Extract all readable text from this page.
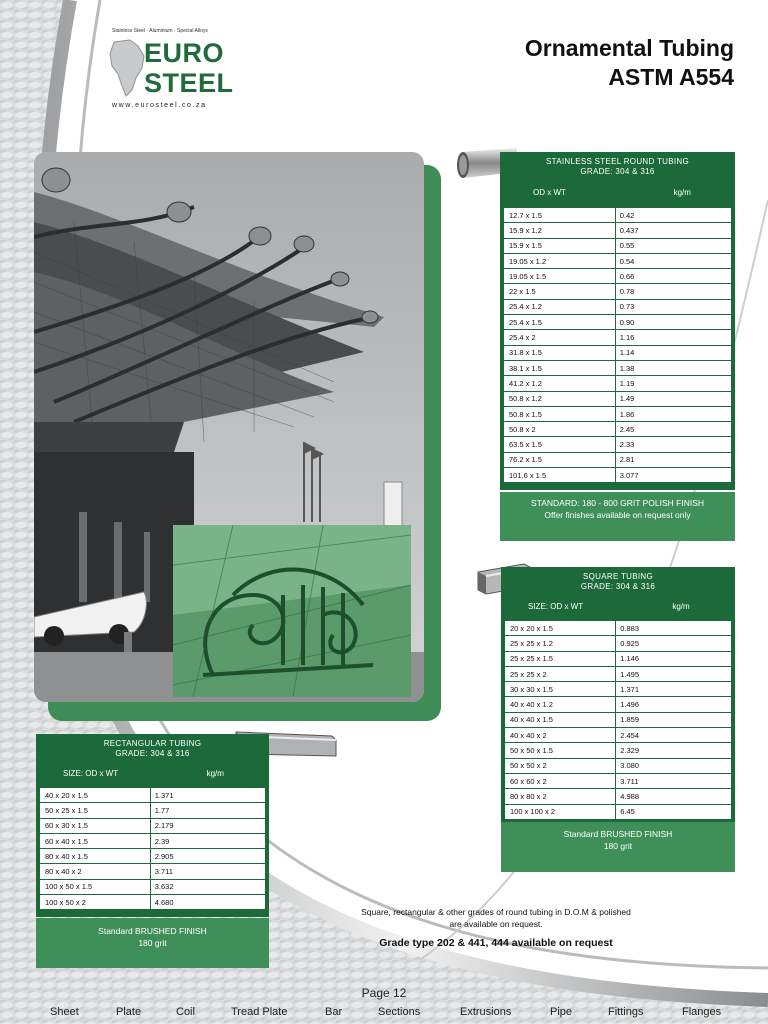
Stainless Steel · Aluminium · Special Alloys
EURO
STEEL
www.eurosteel.co.za
Ornamental Tubing
ASTM A554
STAINLESS STEEL ROUND TUBING
GRADE: 304 & 316
OD x WT	kg/m
12.7 x 1.5	0.42
15.9 x 1.2	0.437
15.9 x 1.5	0.55
19.05 x 1.2	0.54
19.05 x 1.5	0.66
22 x 1.5	0.78
25.4 x 1.2	0.73
25.4 x 1.5	0.90
25.4 x 2	1.16
31.8 x 1.5	1.14
38.1 x 1.5	1.38
41.2 x 1.2	1.19
50.8 x 1.2	1.49
50.8 x 1.5	1.86
50.8 x 2	2.45
63.5 x 1.5	2.33
76.2 x 1.5	2.81
101.6 x 1.5	3.077
STANDARD: 180 - 800 GRIT POLISH FINISH
Offer finishes available on request only
SQUARE TUBING
GRADE: 304 & 316
SIZE: OD x WT	kg/m
20 x 20 x 1.5	0.883
25 x 25 x 1.2	0.925
25 x 25 x 1.5	1.146
25 x 25 x 2	1.495
30 x 30 x 1.5	1.371
40 x 40 x 1.2	1.496
40 x 40 x 1.5	1.859
40 x 40 x 2	2.454
50 x 50 x 1.5	2.329
50 x 50 x 2	3.080
60 x 60 x 2	3.711
80 x 80 x 2	4.988
100 x 100 x 2	6.45
Standard BRUSHED FINISH
180 grit
RECTANGULAR TUBING
GRADE: 304 & 316
SIZE: OD x WT	kg/m
40 x 20 x 1.5	1.371
50 x 25 x 1.5	1.77
60 x 30 x 1.5	2.179
60 x 40 x 1.5	2.39
80 x 40 x 1.5	2.905
80 x 40 x 2	3.711
100 x 50 x 1.5	3.632
100 x 50 x 2	4.680
Standard BRUSHED FINISH
180 grit
Square, rectangular & other grades of round tubing in D.O.M & polished
are available on request.
Grade type 202 & 441, 444 available on request
Page 12
Sheet	Plate	Coil	Tread Plate	Bar	Sections	Extrusions	Pipe	Fittings	Flanges
